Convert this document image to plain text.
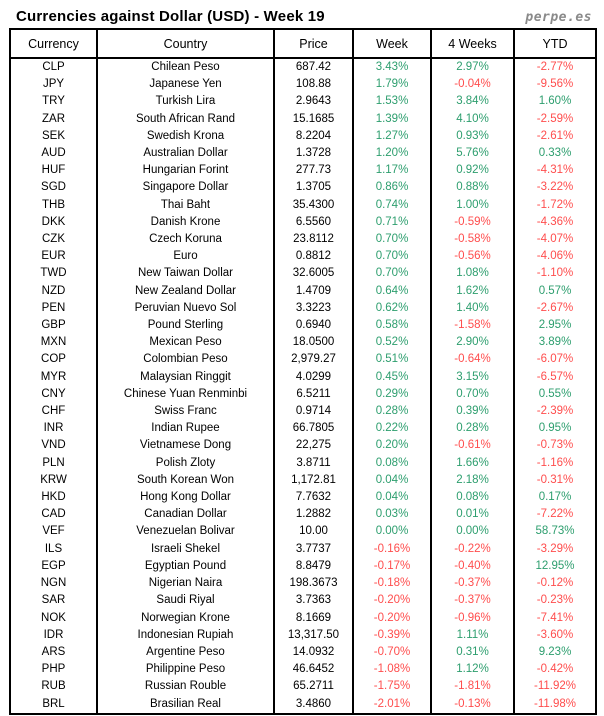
Currencies against Dollar (USD) - Week 19	perpe.es
Currency	Country	Price	Week	4 Weeks	YTD
CLP	Chilean Peso	687.42	3.43%	2.97%	-2.77%
JPY	Japanese Yen	108.88	1.79%	-0.04%	-9.56%
TRY	Turkish Lira	2.9643	1.53%	3.84%	1.60%
ZAR	South African Rand	15.1685	1.39%	4.10%	-2.59%
SEK	Swedish Krona	8.2204	1.27%	0.93%	-2.61%
AUD	Australian Dollar	1.3728	1.20%	5.76%	0.33%
HUF	Hungarian Forint	277.73	1.17%	0.92%	-4.31%
SGD	Singapore Dollar	1.3705	0.86%	0.88%	-3.22%
THB	Thai Baht	35.4300	0.74%	1.00%	-1.72%
DKK	Danish Krone	6.5560	0.71%	-0.59%	-4.36%
CZK	Czech Koruna	23.8112	0.70%	-0.58%	-4.07%
EUR	Euro	0.8812	0.70%	-0.56%	-4.06%
TWD	New Taiwan Dollar	32.6005	0.70%	1.08%	-1.10%
NZD	New Zealand Dollar	1.4709	0.64%	1.62%	0.57%
PEN	Peruvian Nuevo Sol	3.3223	0.62%	1.40%	-2.67%
GBP	Pound Sterling	0.6940	0.58%	-1.58%	2.95%
MXN	Mexican Peso	18.0500	0.52%	2.90%	3.89%
COP	Colombian Peso	2,979.27	0.51%	-0.64%	-6.07%
MYR	Malaysian Ringgit	4.0299	0.45%	3.15%	-6.57%
CNY	Chinese Yuan Renminbi	6.5211	0.29%	0.70%	0.55%
CHF	Swiss Franc	0.9714	0.28%	0.39%	-2.39%
INR	Indian Rupee	66.7805	0.22%	0.28%	0.95%
VND	Vietnamese Dong	22,275	0.20%	-0.61%	-0.73%
PLN	Polish Zloty	3.8711	0.08%	1.66%	-1.16%
KRW	South Korean Won	1,172.81	0.04%	2.18%	-0.31%
HKD	Hong Kong Dollar	7.7632	0.04%	0.08%	0.17%
CAD	Canadian Dollar	1.2882	0.03%	0.01%	-7.22%
VEF	Venezuelan Bolivar	10.00	0.00%	0.00%	58.73%
ILS	Israeli Shekel	3.7737	-0.16%	-0.22%	-3.29%
EGP	Egyptian Pound	8.8479	-0.17%	-0.40%	12.95%
NGN	Nigerian Naira	198.3673	-0.18%	-0.37%	-0.12%
SAR	Saudi Riyal	3.7363	-0.20%	-0.37%	-0.23%
NOK	Norwegian Krone	8.1669	-0.20%	-0.96%	-7.41%
IDR	Indonesian Rupiah	13,317.50	-0.39%	1.11%	-3.60%
ARS	Argentine Peso	14.0932	-0.70%	0.31%	9.23%
PHP	Philippine Peso	46.6452	-1.08%	1.12%	-0.42%
RUB	Russian Rouble	65.2711	-1.75%	-1.81%	-11.92%
BRL	Brasilian Real	3.4860	-2.01%	-0.13%	-11.98%
